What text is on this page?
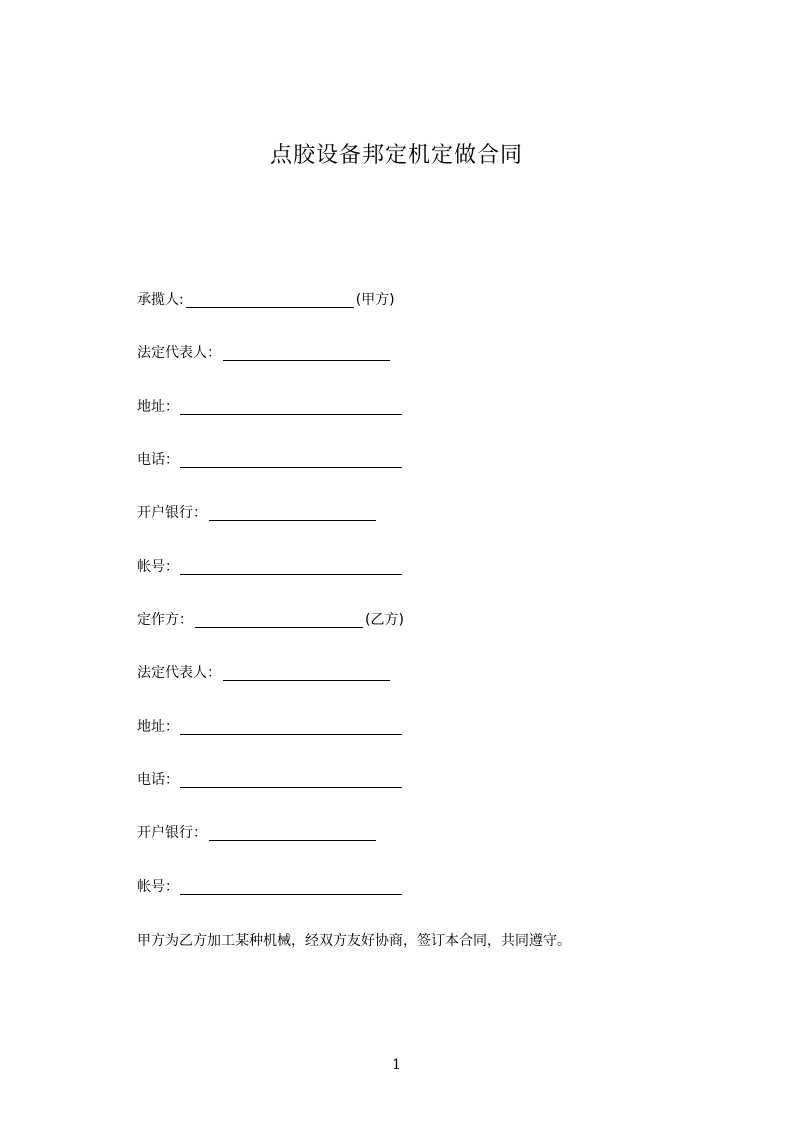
点胶设备邦定机定做合同
承揽人:	(甲方)
法定代表人：
地址：
电话：
开户银行：
帐号：
定作方：	(乙方)
法定代表人：
地址：
电话：
开户银行：
帐号：
甲方为乙方加工某种机械，经双方友好协商，签订本合同，共同遵守。
1
